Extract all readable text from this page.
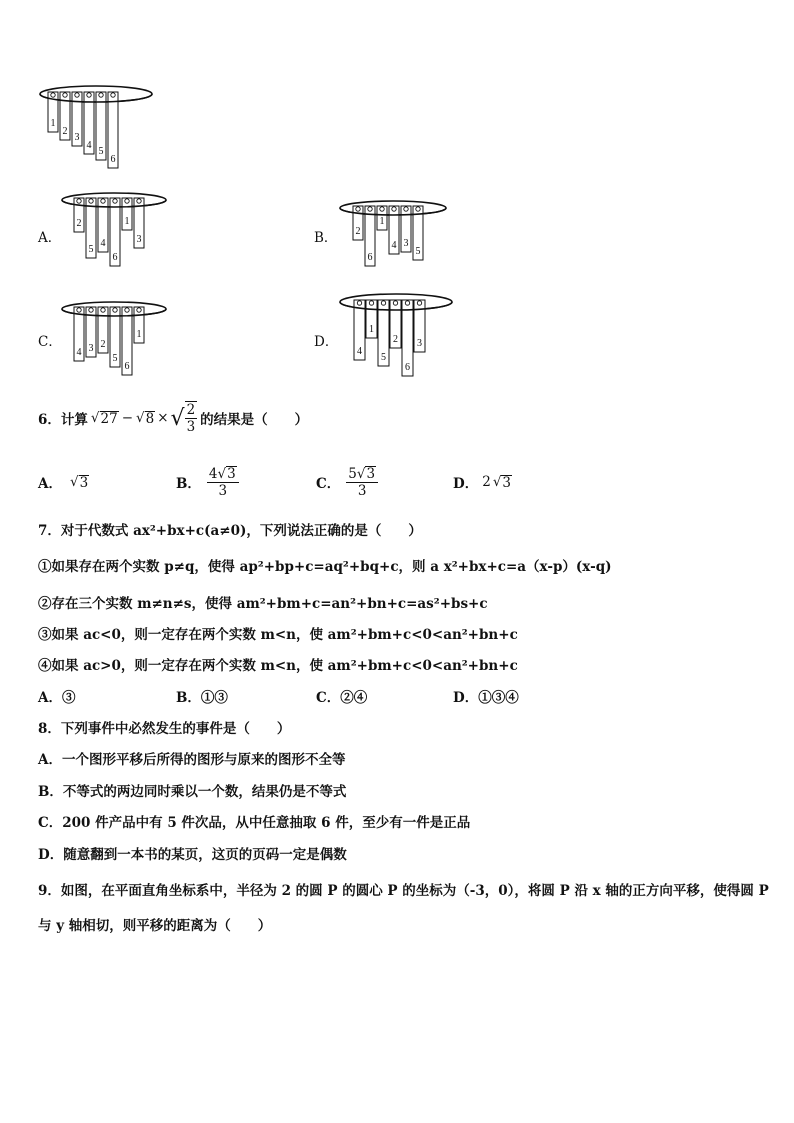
1
2
3
4
5
6
A．
2
5
4
6
1
3	B． 2
6
1
4 3
5
C．
4 3 2
5
6
1	D．
4
1
5
2
6
3
6．计算 √ 27 − √ 8 × √ $\frac{2}{3}$ 的结果是（　　）
A． √ 3	B． $\frac{4√3}{3}$	C． $\frac{5√3}{3}$	D． 2 √ 3
7．对于代数式 ax²+bx+c(a≠0)，下列说法正确的是（　　）
①如果存在两个实数 p≠q，使得 ap²+bp+c=aq²+bq+c，则 a x²+bx+c=a（x-p）(x-q)
②存在三个实数 m≠n≠s，使得 am²+bm+c=an²+bn+c=as²+bs+c
③如果 ac<0，则一定存在两个实数 m<n，使 am²+bm+c<0<an²+bn+c
④如果 ac>0，则一定存在两个实数 m<n，使 am²+bm+c<0<an²+bn+c
A．③	B．①③	C．②④	D．①③④
8．下列事件中必然发生的事件是（　　）
A．一个图形平移后所得的图形与原来的图形不全等
B．不等式的两边同时乘以一个数，结果仍是不等式
C．200 件产品中有 5 件次品，从中任意抽取 6 件，至少有一件是正品
D．随意翻到一本书的某页，这页的页码一定是偶数
9．如图，在平面直角坐标系中，半径为 2 的圆 P 的圆心 P 的坐标为（-3，0），将圆 P 沿 x 轴的正方向平移，使得圆 P
与 y 轴相切，则平移的距离为（　　）
